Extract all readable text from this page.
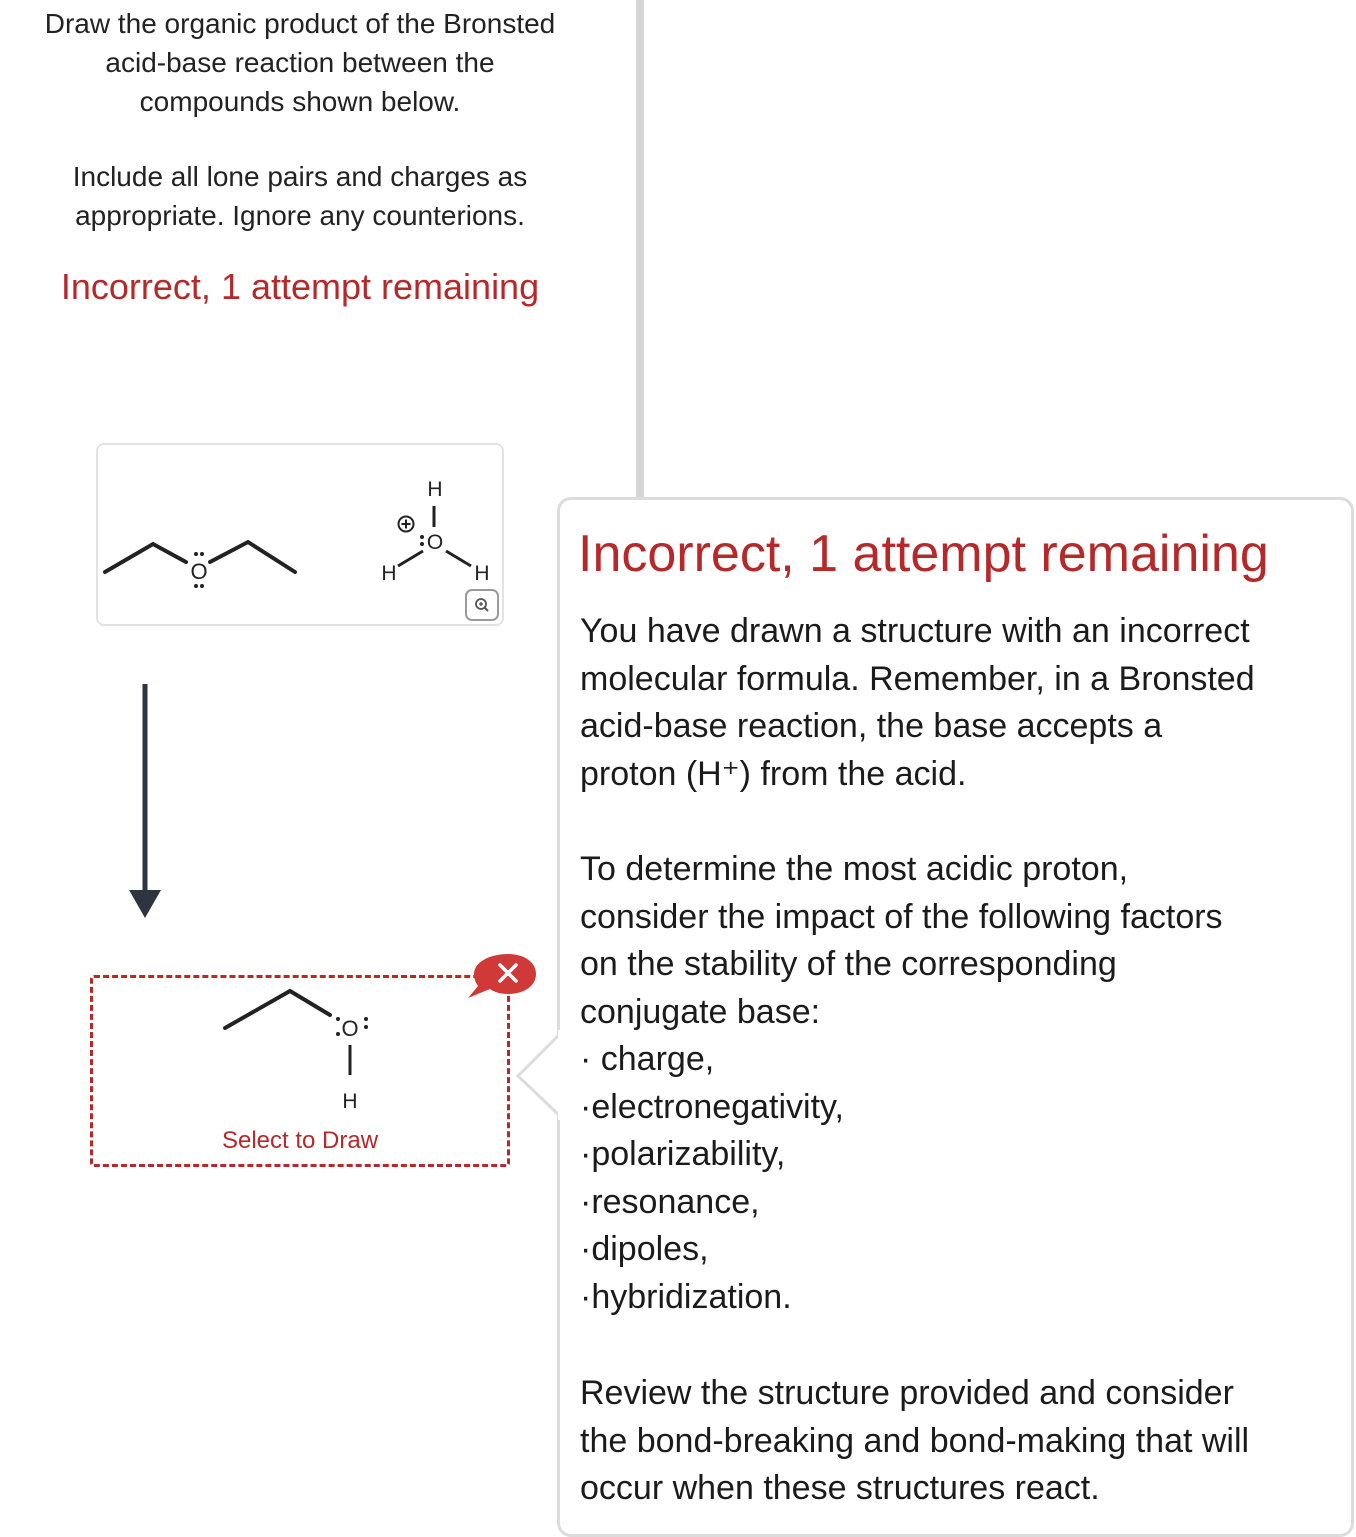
Draw the organic product of the Bronsted
acid-base reaction between the
compounds shown below.
Include all lone pairs and charges as
appropriate. Ignore any counterions.
Incorrect, 1 attempt remaining
O
H
O
H	H
O
H
Select to Draw
Incorrect, 1 attempt remaining
You have drawn a structure with an incorrect
molecular formula. Remember, in a Bronsted
acid-base reaction, the base accepts a
proton (H⁺) from the acid.
To determine the most acidic proton,
consider the impact of the following factors
on the stability of the corresponding
conjugate base:
· charge,
·electronegativity,
·polarizability,
·resonance,
·dipoles,
·hybridization.
Review the structure provided and consider
the bond-breaking and bond-making that will
occur when these structures react.
